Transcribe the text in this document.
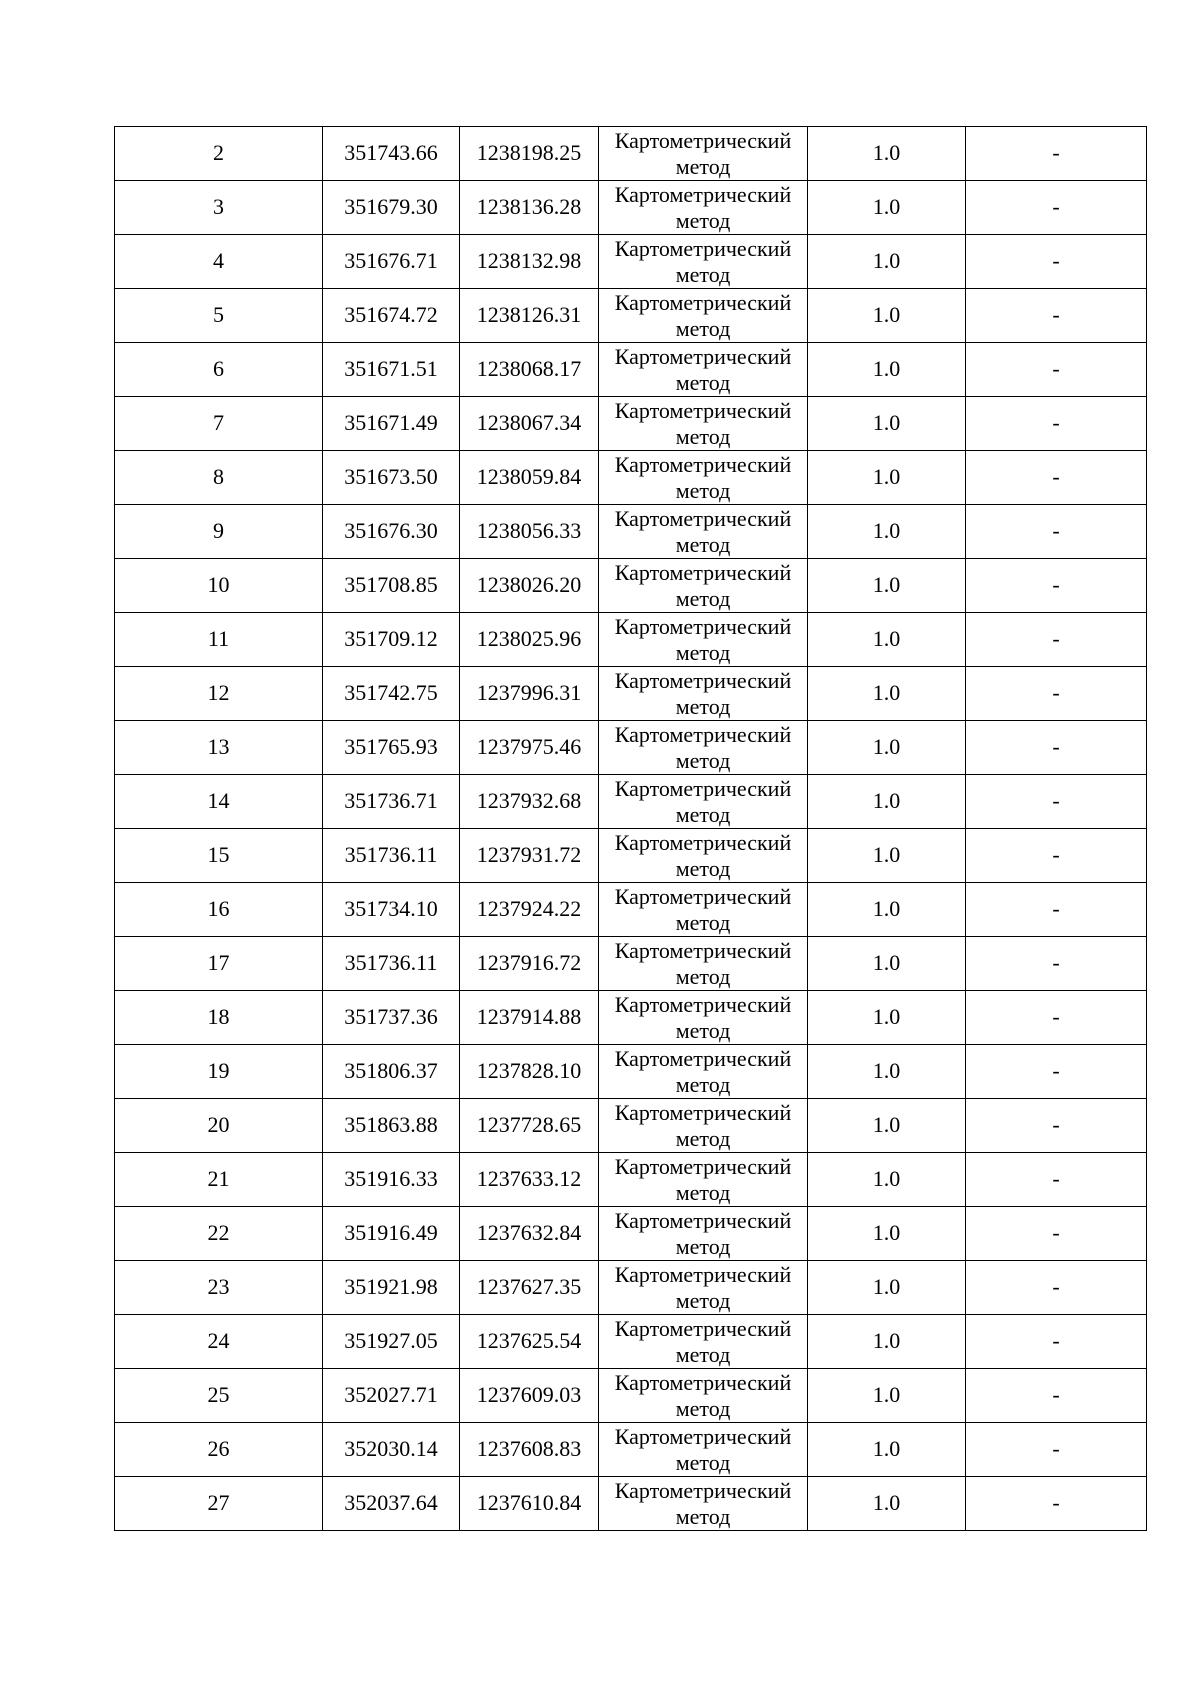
2	351743.66	1238198.25	Картометрический
метод	1.0	-
3	351679.30	1238136.28	Картометрический
метод	1.0	-
4	351676.71	1238132.98	Картометрический
метод	1.0	-
5	351674.72	1238126.31	Картометрический
метод	1.0	-
6	351671.51	1238068.17	Картометрический
метод	1.0	-
7	351671.49	1238067.34	Картометрический
метод	1.0	-
8	351673.50	1238059.84	Картометрический
метод	1.0	-
9	351676.30	1238056.33	Картометрический
метод	1.0	-
10	351708.85	1238026.20	Картометрический
метод	1.0	-
11	351709.12	1238025.96	Картометрический
метод	1.0	-
12	351742.75	1237996.31	Картометрический
метод	1.0	-
13	351765.93	1237975.46	Картометрический
метод	1.0	-
14	351736.71	1237932.68	Картометрический
метод	1.0	-
15	351736.11	1237931.72	Картометрический
метод	1.0	-
16	351734.10	1237924.22	Картометрический
метод	1.0	-
17	351736.11	1237916.72	Картометрический
метод	1.0	-
18	351737.36	1237914.88	Картометрический
метод	1.0	-
19	351806.37	1237828.10	Картометрический
метод	1.0	-
20	351863.88	1237728.65	Картометрический
метод	1.0	-
21	351916.33	1237633.12	Картометрический
метод	1.0	-
22	351916.49	1237632.84	Картометрический
метод	1.0	-
23	351921.98	1237627.35	Картометрический
метод	1.0	-
24	351927.05	1237625.54	Картометрический
метод	1.0	-
25	352027.71	1237609.03	Картометрический
метод	1.0	-
26	352030.14	1237608.83	Картометрический
метод	1.0	-
27	352037.64	1237610.84	Картометрический
метод	1.0	-
